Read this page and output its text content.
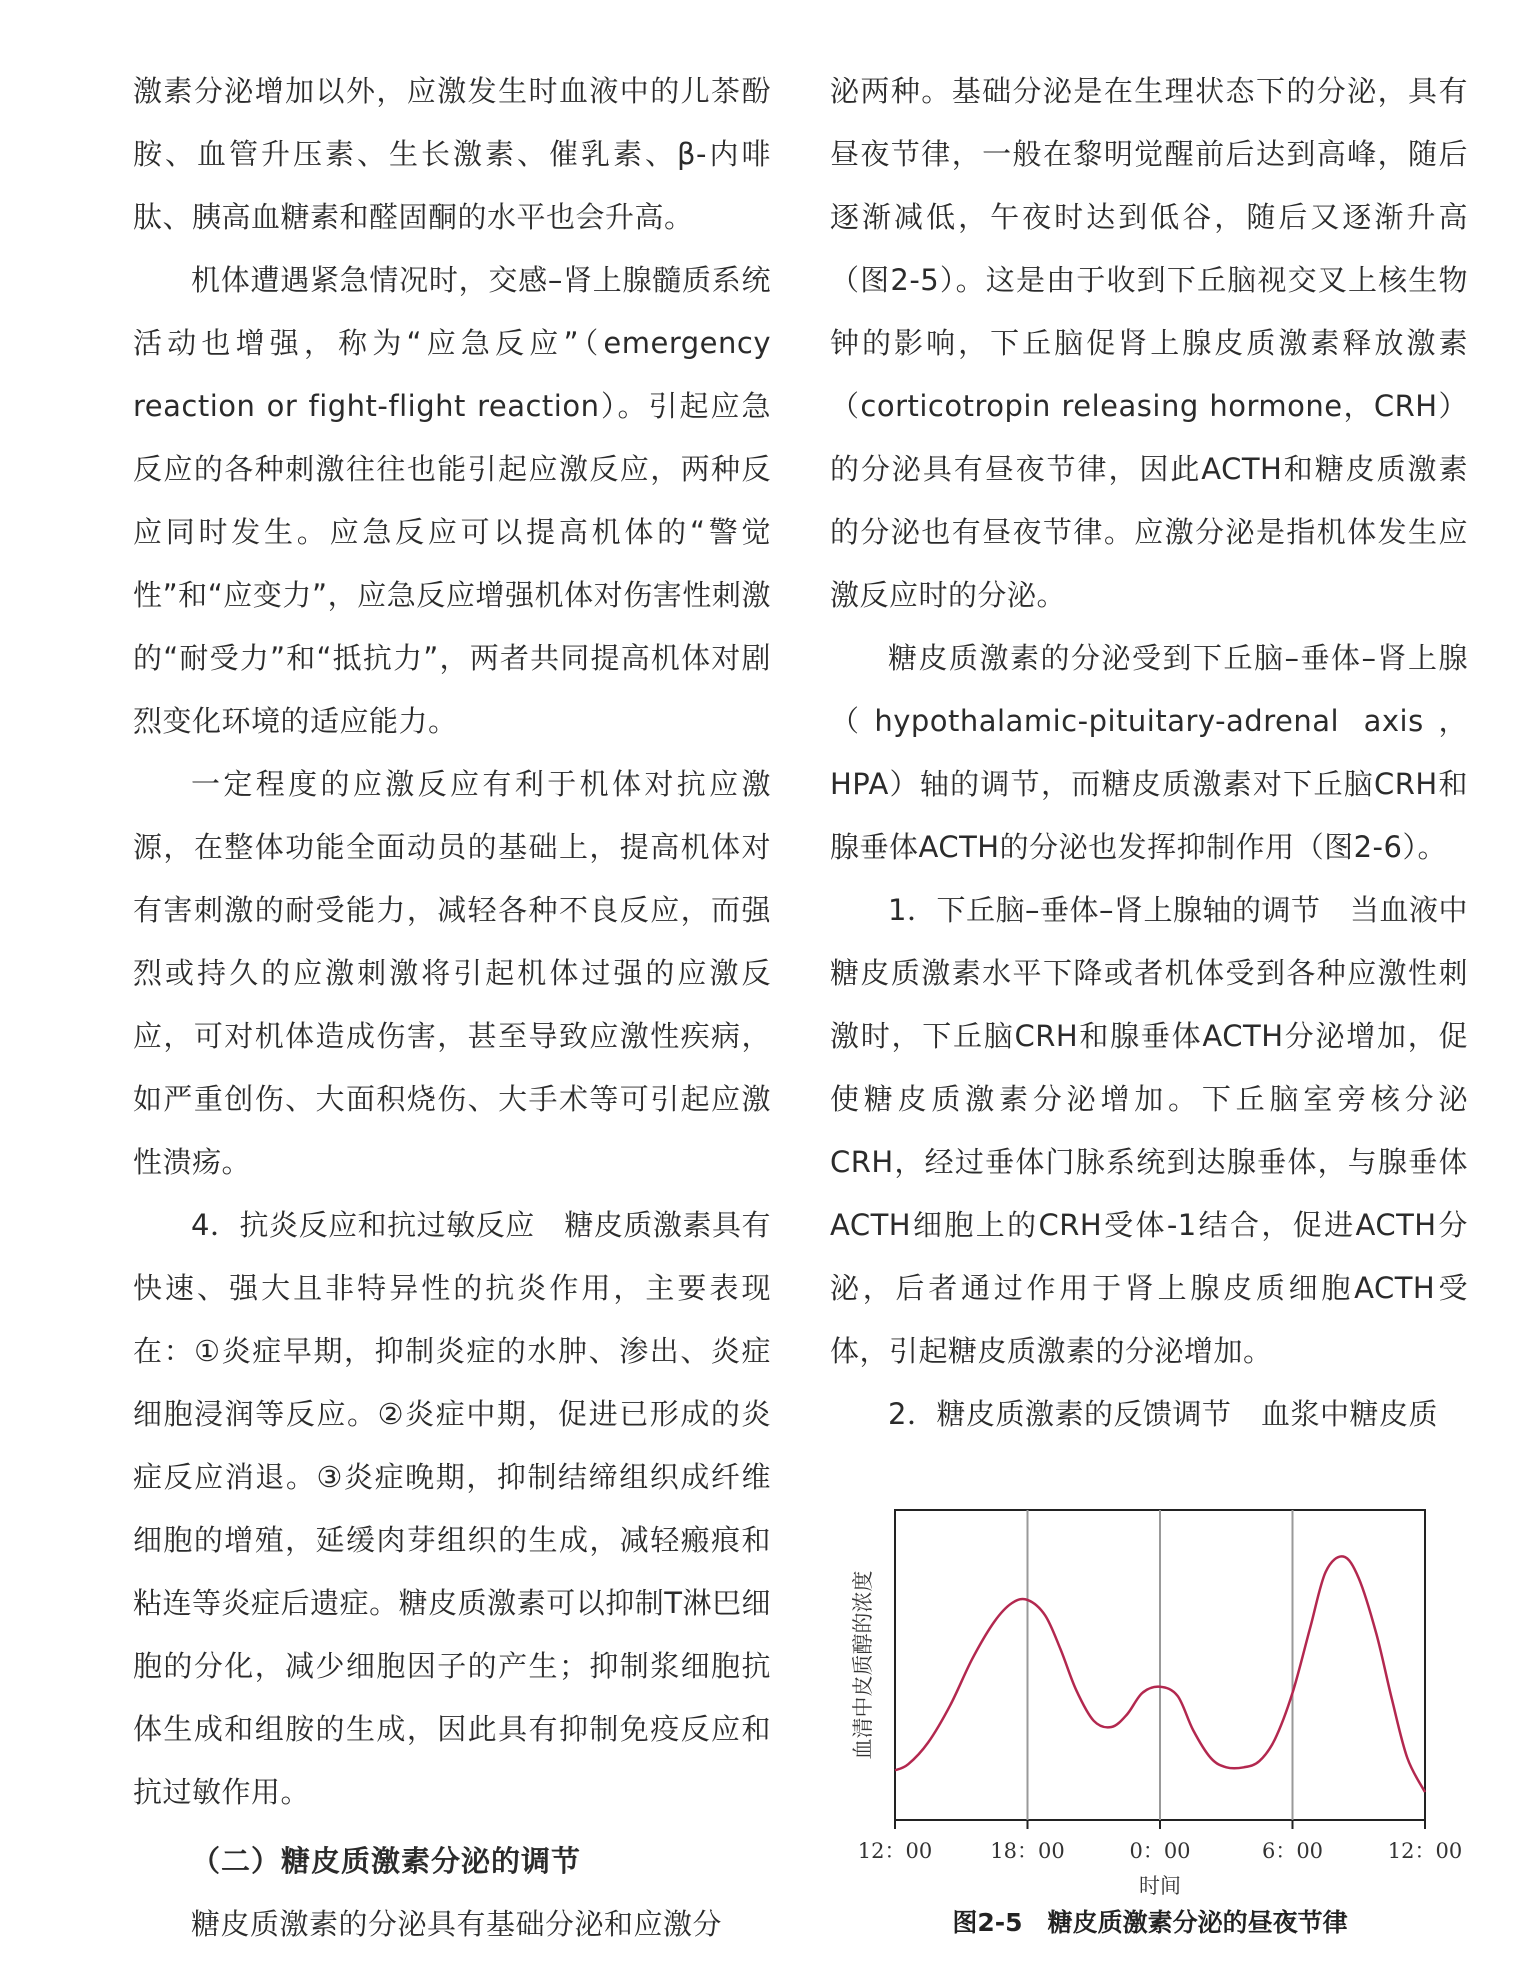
激素分泌增加以外，应激发生时血液中的儿茶酚胺、血管升压素、生长激素、催乳素、β-内啡肽、胰高血糖素和醛固酮的水平也会升高。

机体遭遇紧急情况时，交感–肾上腺髓质系统活动也增强，称为“应急反应”（emergency reaction or fight-flight reaction）。引起应急反应的各种刺激往往也能引起应激反应，两种反应同时发生。应急反应可以提高机体的“警觉性”和“应变力”，应急反应增强机体对伤害性刺激的“耐受力”和“抵抗力”，两者共同提高机体对剧烈变化环境的适应能力。

一定程度的应激反应有利于机体对抗应激源，在整体功能全面动员的基础上，提高机体对有害刺激的耐受能力，减轻各种不良反应，而强烈或持久的应激刺激将引起机体过强的应激反应，可对机体造成伤害，甚至导致应激性疾病，如严重创伤、大面积烧伤、大手术等可引起应激性溃疡。

4．抗炎反应和抗过敏反应　糖皮质激素具有快速、强大且非特异性的抗炎作用，主要表现在：①炎症早期，抑制炎症的水肿、渗出、炎症细胞浸润等反应。②炎症中期，促进已形成的炎症反应消退。③炎症晚期，抑制结缔组织成纤维细胞的增殖，延缓肉芽组织的生成，减轻瘢痕和粘连等炎症后遗症。糖皮质激素可以抑制T淋巴细胞的分化，减少细胞因子的产生；抑制浆细胞抗体生成和组胺的生成，因此具有抑制免疫反应和抗过敏作用。

（二）糖皮质激素分泌的调节

糖皮质激素的分泌具有基础分泌和应激分

泌两种。基础分泌是在生理状态下的分泌，具有昼夜节律，一般在黎明觉醒前后达到高峰，随后逐渐减低，午夜时达到低谷，随后又逐渐升高（图2-5）。这是由于收到下丘脑视交叉上核生物钟的影响，下丘脑促肾上腺皮质激素释放激素（corticotropin releasing hormone，CRH）的分泌具有昼夜节律，因此ACTH和糖皮质激素的分泌也有昼夜节律。应激分泌是指机体发生应激反应时的分泌。

糖皮质激素的分泌受到下丘脑–垂体–肾上腺（hypothalamic-pituitary-adrenal axis，HPA）轴的调节，而糖皮质激素对下丘脑CRH和腺垂体ACTH的分泌也发挥抑制作用（图2-6）。

1．下丘脑–垂体–肾上腺轴的调节　当血液中糖皮质激素水平下降或者机体受到各种应激性刺激时，下丘脑CRH和腺垂体ACTH分泌增加，促使糖皮质激素分泌增加。下丘脑室旁核分泌CRH，经过垂体门脉系统到达腺垂体，与腺垂体ACTH细胞上的CRH受体-1结合，促进ACTH分泌，后者通过作用于肾上腺皮质细胞ACTH受体，引起糖皮质激素的分泌增加。

2．糖皮质激素的反馈调节　血浆中糖皮质

12：00	18：00	0：00	6：00	12：00
时间
血清中皮质醇的浓度
图2-5　糖皮质激素分泌的昼夜节律
